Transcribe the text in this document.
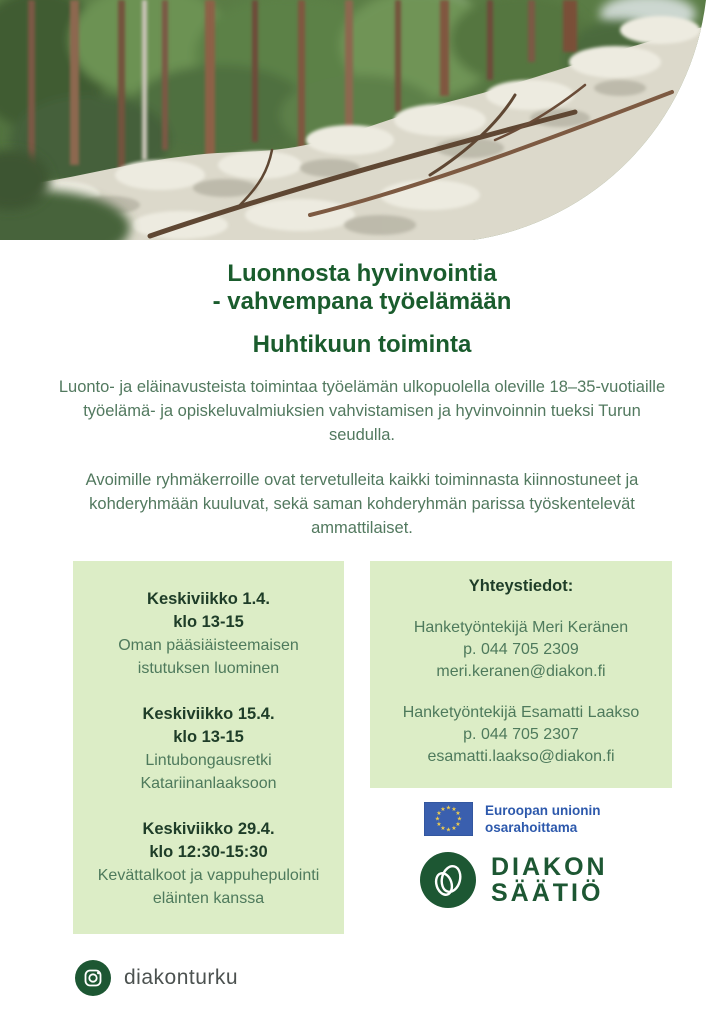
Luonnosta hyvinvointia
- vahvempana työelämään
Huhtikuun toiminta

Luonto- ja eläinavusteista toimintaa työelämän ulkopuolella oleville 18–35-vuotiaille työelämä- ja opiskeluvalmiuksien vahvistamisen ja hyvinvoinnin tueksi Turun seudulla.

Avoimille ryhmäkerroille ovat tervetulleita kaikki toiminnasta kiinnostuneet ja kohderyhmään kuuluvat, sekä saman kohderyhmän parissa työskentelevät ammattilaiset.

Keskiviikko 1.4.
klo 13-15
Oman pääsiäisteemaisen istutuksen luominen
Keskiviikko 15.4.
klo 13-15
Lintubongausretki Katariinanlaaksoon
Keskiviikko 29.4.
klo 12:30-15:30
Kevättalkoot ja vappuhepulointi eläinten kanssa
Yhteystiedot:
Hanketyöntekijä Meri Keränen
p. 044 705 2309
meri.keranen@diakon.fi
Hanketyöntekijä Esamatti Laakso
p. 044 705 2307
esamatti.laakso@diakon.fi
★ ★
★
★
★
★
★
★
★
★
★
★	Euroopan unionin
osarahoittama
DIAKON
SÄÄTIÖ
diakonturku
